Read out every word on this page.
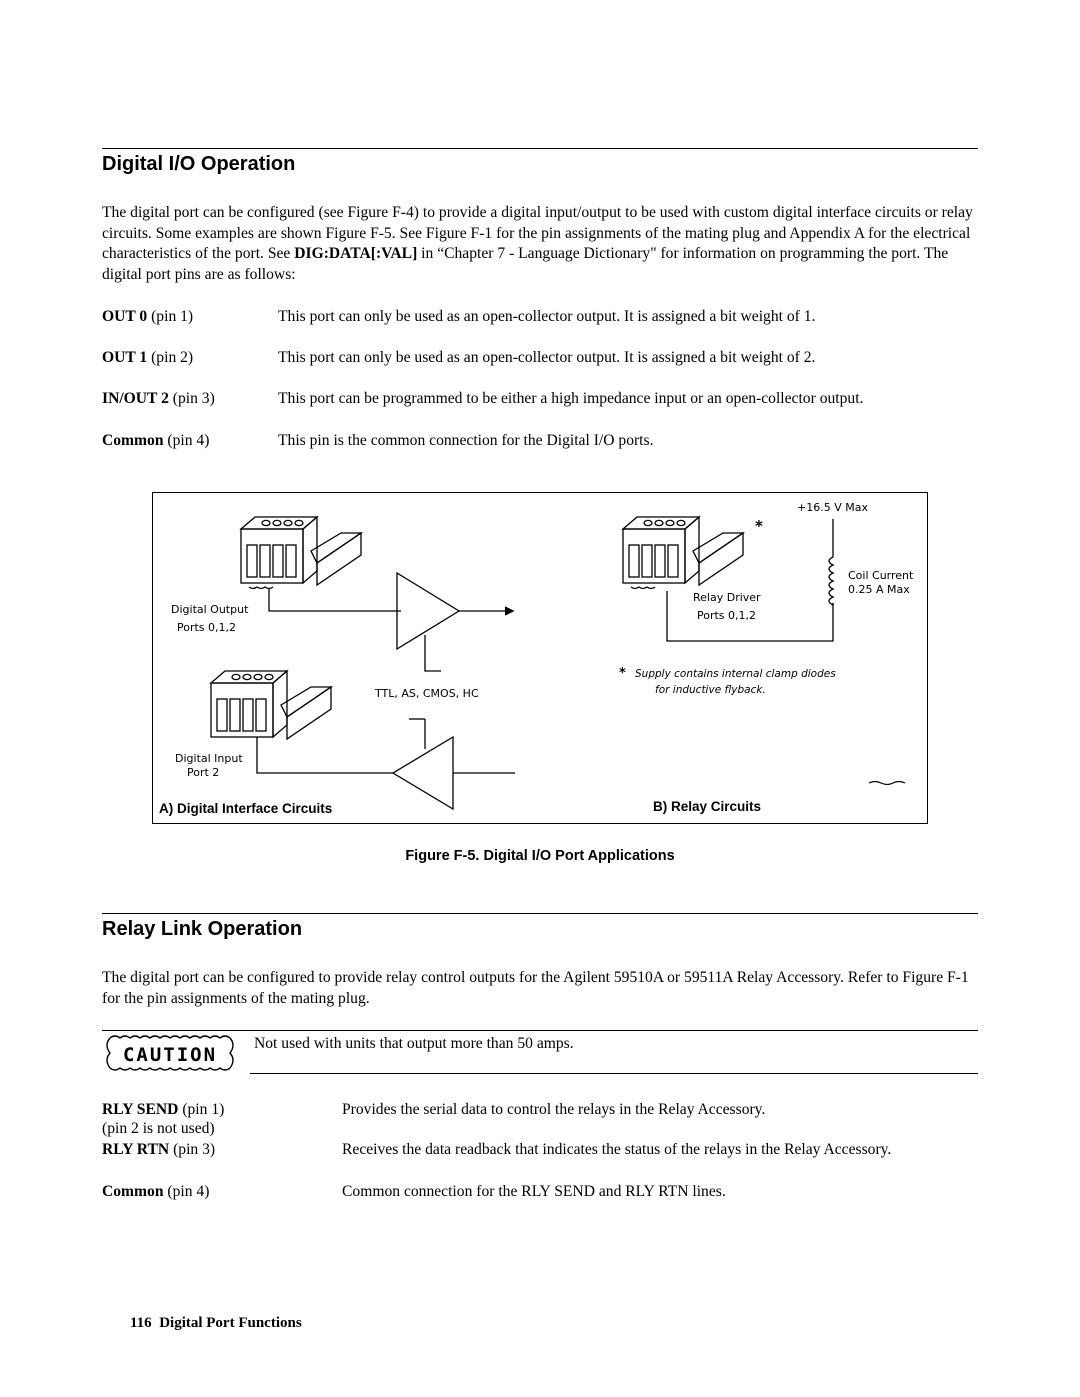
Digital I/O Operation

The digital port can be configured (see Figure F-4) to provide a digital input/output to be used with custom digital interface circuits or relay circuits. Some examples are shown Figure F-5. See Figure F-1 for the pin assignments of the mating plug and Appendix A for the electrical characteristics of the port. See DIG:DATA[:VAL] in “Chapter 7 - Language Dictionary" for information on programming the port. The digital port pins are as follows:

OUT 0 (pin 1)	This port can only be used as an open-collector output. It is assigned a bit weight of 1.
OUT 1 (pin 2)	This port can only be used as an open-collector output. It is assigned a bit weight of 2.
IN/OUT 2 (pin 3)	This port can be programmed to be either a high impedance input or an open-collector output.
Common (pin 4)	This pin is the common connection for the Digital I/O ports.
Digital Output
Ports 0,1,2
TTL, AS, CMOS, HC
Digital Input
Port 2
A) Digital Interface Circuits
+16.5 V Max
*
Coil Current
0.25 A Max
Relay Driver
Ports 0,1,2
* Supply contains internal clamp diodes
for inductive flyback.
B) Relay Circuits
Figure F-5. Digital I/O Port Applications
Relay Link Operation

The digital port can be configured to provide relay control outputs for the Agilent 59510A or 59511A Relay Accessory. Refer to Figure F-1 for the pin assignments of the mating plug.

CAUTION
Not used with units that output more than 50 amps.
RLY SEND (pin 1)	Provides the serial data to control the relays in the Relay Accessory.
(pin 2 is not used)
RLY RTN (pin 3)	Receives the data readback that indicates the status of the relays in the Relay Accessory.
Common (pin 4)	Common connection for the RLY SEND and RLY RTN lines.
116 Digital Port Functions
